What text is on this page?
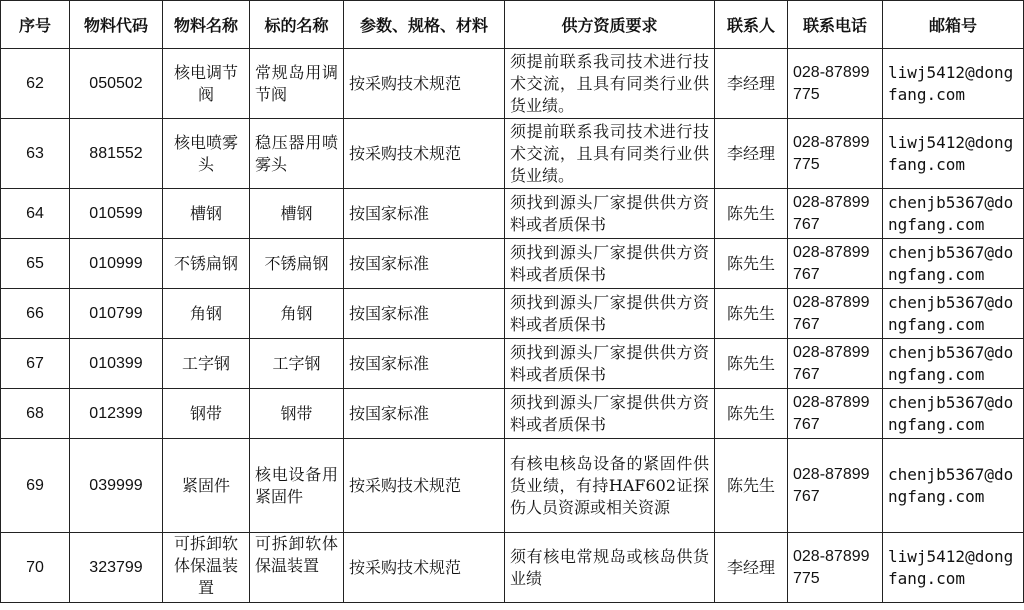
序号	物料代码	物料名称	标的名称	参数、规格、材料	供方资质要求	联系人	联系电话	邮箱号
62	050502	核电调节阀	常规岛用调节阀	按采购技术规范	须提前联系我司技术进行技术交流，且具有同类行业供货业绩。	李经理	028-87899775	liwj5412@dongfang.com
63	881552	核电喷雾头	稳压器用喷雾头	按采购技术规范	须提前联系我司技术进行技术交流，且具有同类行业供货业绩。	李经理	028-87899775	liwj5412@dongfang.com
64	010599	槽钢	槽钢	按国家标准	须找到源头厂家提供供方资料或者质保书	陈先生	028-87899767	chenjb5367@dongfang.com
65	010999	不锈扁钢	不锈扁钢	按国家标准	须找到源头厂家提供供方资料或者质保书	陈先生	028-87899767	chenjb5367@dongfang.com
66	010799	角钢	角钢	按国家标准	须找到源头厂家提供供方资料或者质保书	陈先生	028-87899767	chenjb5367@dongfang.com
67	010399	工字钢	工字钢	按国家标准	须找到源头厂家提供供方资料或者质保书	陈先生	028-87899767	chenjb5367@dongfang.com
68	012399	钢带	钢带	按国家标准	须找到源头厂家提供供方资料或者质保书	陈先生	028-87899767	chenjb5367@dongfang.com
69	039999	紧固件	核电设备用紧固件	按采购技术规范	有核电核岛设备的紧固件供货业绩，有持HAF602证探伤人员资源或相关资源	陈先生	028-87899767	chenjb5367@dongfang.com
70	323799	可拆卸软体保温装置	可拆卸软体保温装置	按采购技术规范	须有核电常规岛或核岛供货业绩	李经理	028-87899775	liwj5412@dongfang.com
